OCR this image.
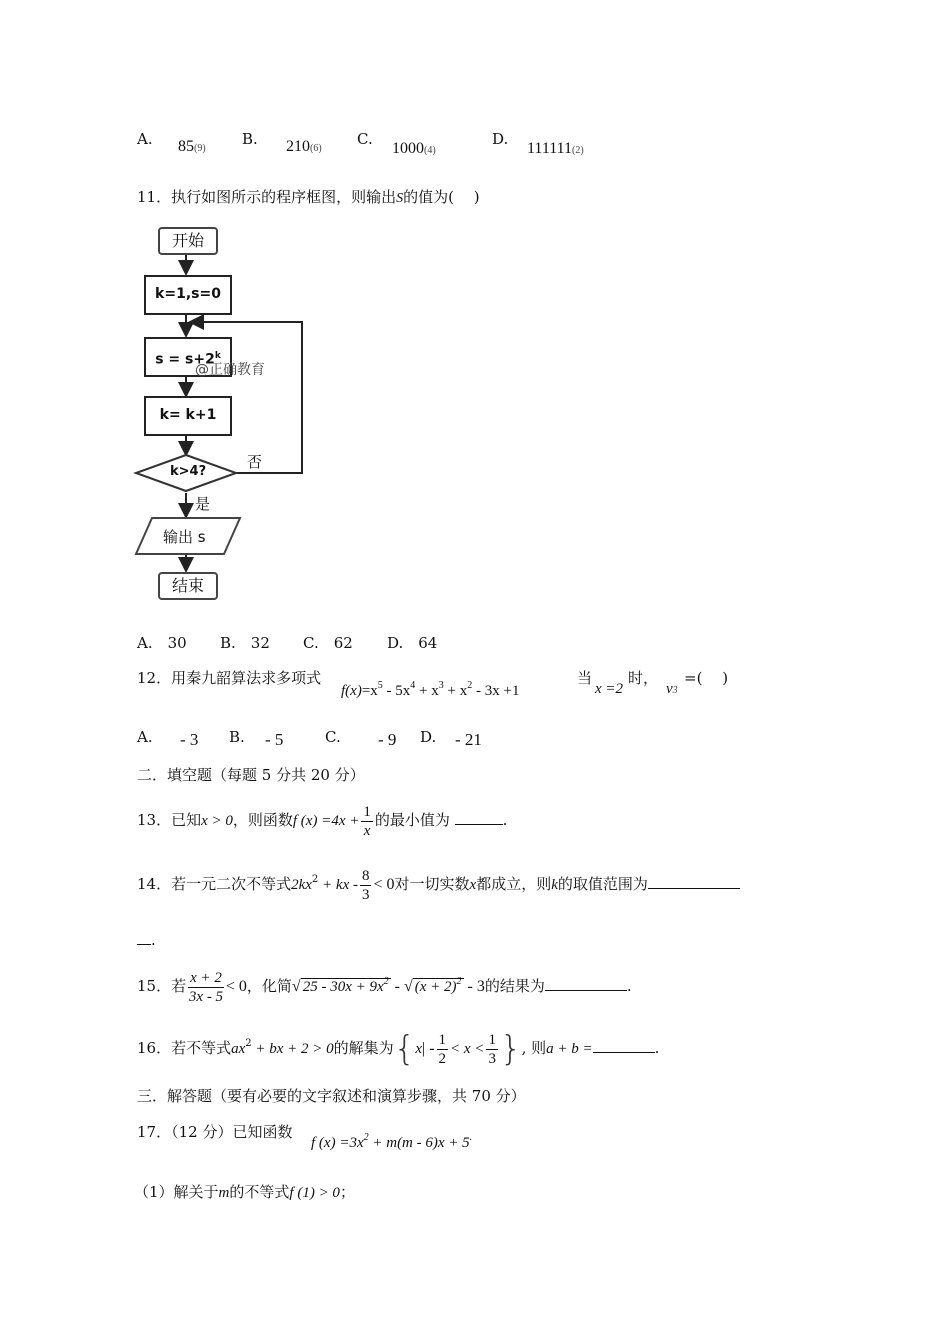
A. 85(9)
B. 210(6)
C.
1000(4)
D.
111111(2)
11．执行如图所示的程序框图，则输出S的值为(　 )
开始
k=1,s=0
$s = s+2^k$
@正确教育
k= k+1
k>4?
否
是
输出 s
结束
A.　30 B.　32 C.　62 D.　64
12．用秦九韶算法求多项式
$f(x)=x^5 - 5x^4 + x^3 + x^2 - 3x +1$
当
x =2
时，
v3
=(　 )
A. - 3 B. - 5	C. - 9 D. - 21
二．填空题（每题 5 分共 20 分）
13．已知x > 0，则函数f $(x) =4x + \frac{1}{x}$ 的最小值为	.
14．若一元二次不等式$2kx^2$ + kx - $\frac{8}{3} < 0$对一切实数x都成立，则k的取值范围为
.
15．若 $\frac{x + 2}{3x - 5} < 0$，化简√ $25 - 30x + 9x^2$ - √ $(x + 2)^2 - 3$的结果为	.
16．若不等式$ax^2$ + bx + 2 > 0的解集为{$x| - \frac{1}{2} < x < \frac{1}{3}$ }, 则a + b =	.
三．解答题（要有必要的文字叙述和演算步骤，共 70 分）
17．（12 分）已知函数
f $(x) =3x^2 + m(m - 6)x + 5^.$
（1）解关于m的不等式f (1) > 0；
